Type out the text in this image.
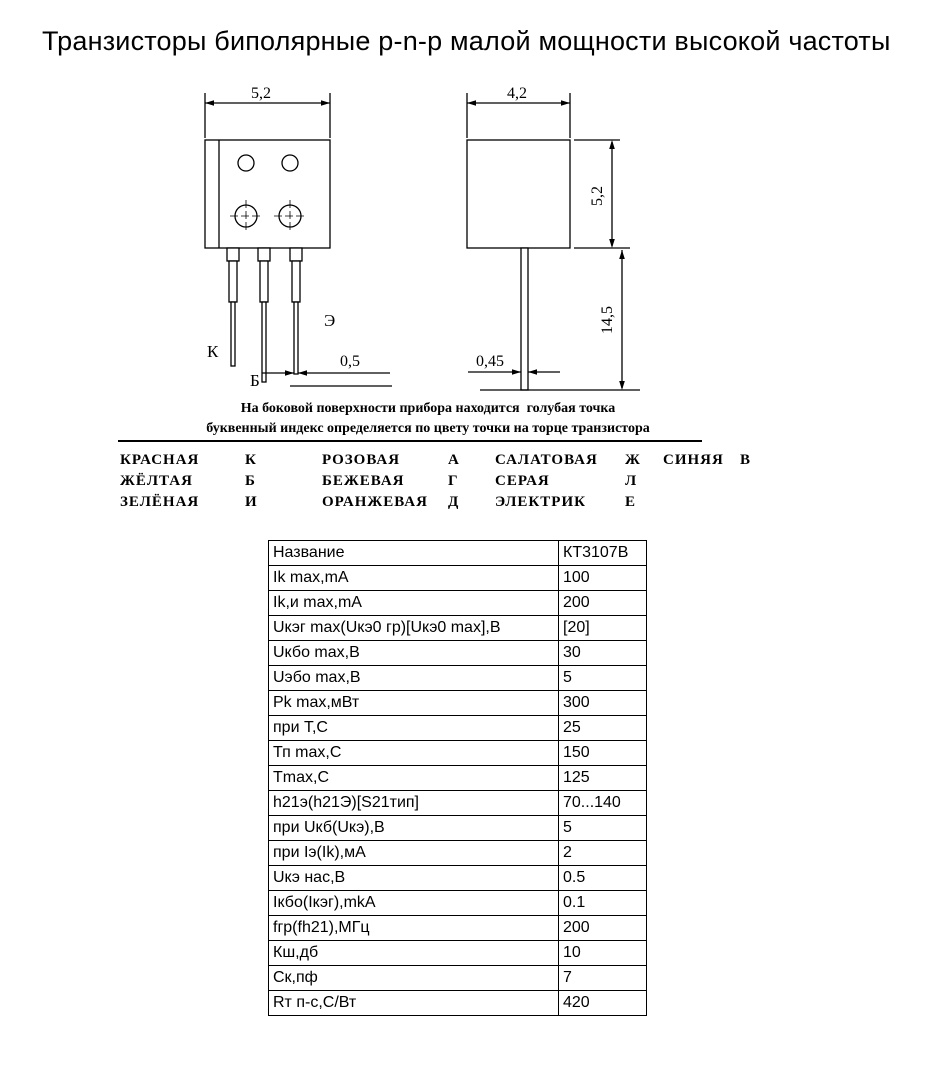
Транзисторы биполярные p-n-p малой мощности высокой частоты
5,2
0,5
К
Б
Э
4,2
5,2
14,5
0,45
На боковой поверхности прибора находится  голубая точка
буквенный индекс определяется по цвету точки на торце транзистора
КРАСНАЯ	К	РОЗОВАЯ	А	САЛАТОВАЯ	Ж	СИНЯЯ	В
ЖЁЛТАЯ	Б	БЕЖЕВАЯ	Г	СЕРАЯ	Л
ЗЕЛЁНАЯ	И	ОРАНЖЕВАЯ	Д	ЭЛЕКТРИК	Е
Название	КТ3107В
Ik max,mA	100
Ik,и max,mA	200
Uкэг max(Uкэ0 гр)[Uкэ0 max],В	[20]
Uкбо max,В	30
Uэбо max,В	5
Pk max,мВт	300
при Т,С	25
Тп max,С	150
Tmax,С	125
h21э(h21Э)[S21тип]	70...140
при Uкб(Uкэ),В	5
при Iэ(Ik),мА	2
Uкэ нас,В	0.5
Iкбо(Iкэг),mkA	0.1
fгр(fh21),МГц	200
Кш,дб	10
Ск,пф	7
Rт п-с,С/Вт	420
